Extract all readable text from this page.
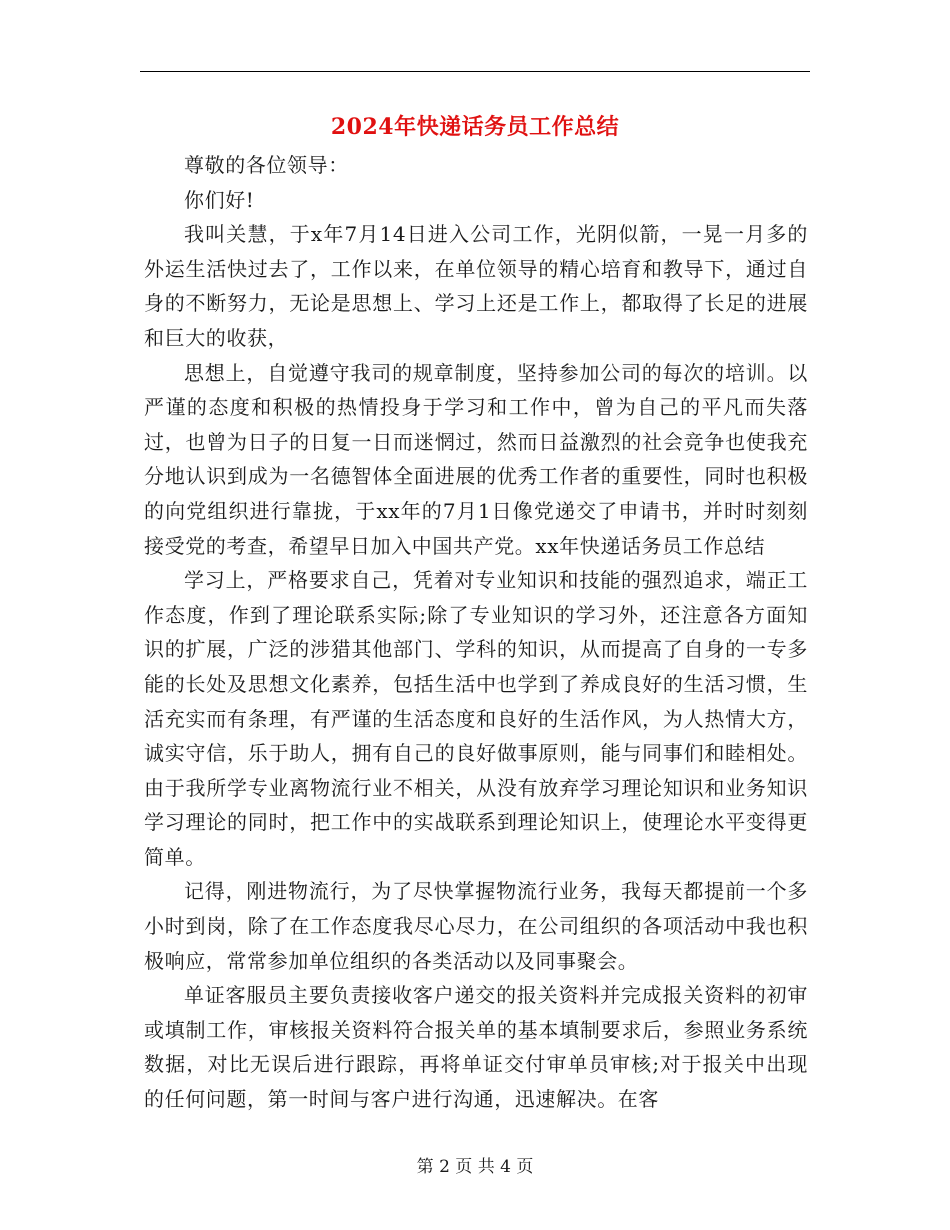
2024年快递话务员工作总结

尊敬的各位领导：

你们好!

我叫关慧，于x年7月14日进入公司工作，光阴似箭，一晃一月多的外运生活快过去了，工作以来，在单位领导的精心培育和教导下，通过自身的不断努力，无论是思想上、学习上还是工作上，都取得了长足的进展和巨大的收获，

思想上，自觉遵守我司的规章制度，坚持参加公司的每次的培训。以严谨的态度和积极的热情投身于学习和工作中，曾为自己的平凡而失落过，也曾为日子的日复一日而迷惘过，然而日益激烈的社会竞争也使我充分地认识到成为一名德智体全面进展的优秀工作者的重要性，同时也积极的向党组织进行靠拢，于xx年的7月1日像党递交了申请书，并时时刻刻接受党的考查，希望早日加入中国共产党。xx年快递话务员工作总结

学习上，严格要求自己，凭着对专业知识和技能的强烈追求，端正工作态度，作到了理论联系实际;除了专业知识的学习外，还注意各方面知识的扩展，广泛的涉猎其他部门、学科的知识，从而提高了自身的一专多能的长处及思想文化素养，包括生活中也学到了养成良好的生活习惯，生活充实而有条理，有严谨的生活态度和良好的生活作风，为人热情大方，诚实守信，乐于助人，拥有自己的良好做事原则，能与同事们和睦相处。由于我所学专业离物流行业不相关，从没有放弃学习理论知识和业务知识学习理论的同时，把工作中的实战联系到理论知识上，使理论水平变得更简单。

记得，刚进物流行，为了尽快掌握物流行业务，我每天都提前一个多小时到岗，除了在工作态度我尽心尽力，在公司组织的各项活动中我也积极响应，常常参加单位组织的各类活动以及同事聚会。

单证客服员主要负责接收客户递交的报关资料并完成报关资料的初审或填制工作，审核报关资料符合报关单的基本填制要求后，参照业务系统数据，对比无误后进行跟踪，再将单证交付审单员审核;对于报关中出现的任何问题，第一时间与客户进行沟通，迅速解决。在客

第 2 页 共 4 页
